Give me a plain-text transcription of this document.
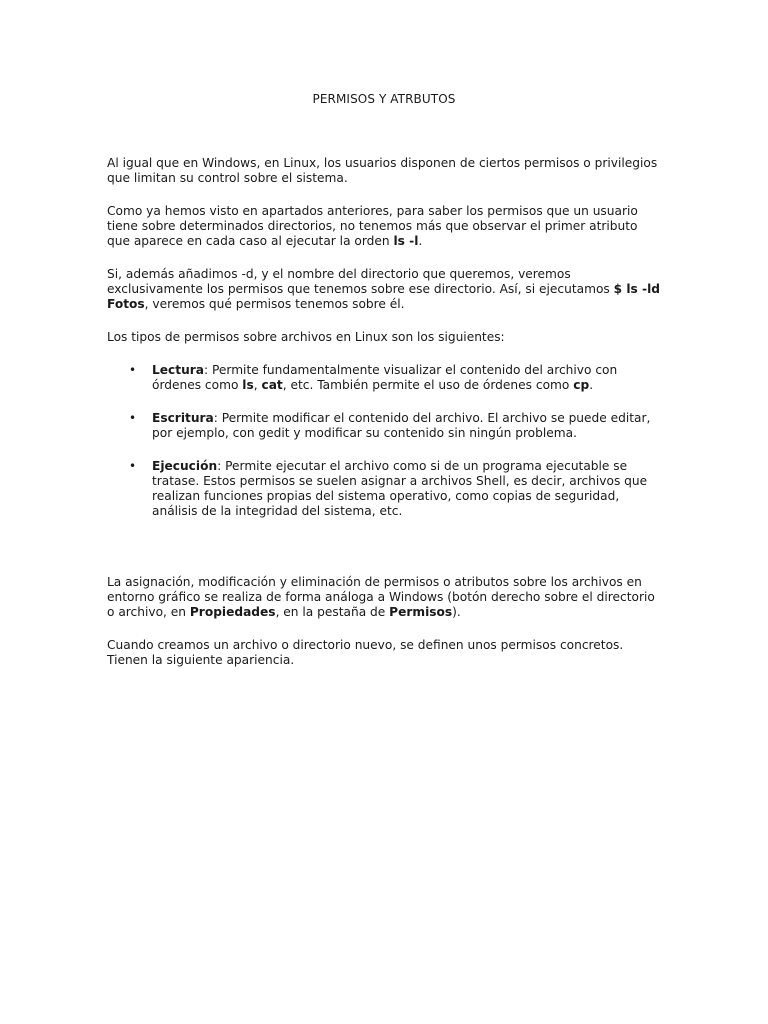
PERMISOS Y ATRBUTOS

Al igual que en Windows, en Linux, los usuarios disponen de ciertos permisos o privilegios que limitan su control sobre el sistema.

Como ya hemos visto en apartados anteriores, para saber los permisos que un usuario tiene sobre determinados directorios, no tenemos más que observar el primer atributo que aparece en cada caso al ejecutar la orden ls -l.

Si, además añadimos -d, y el nombre del directorio que queremos, veremos exclusivamente los permisos que tenemos sobre ese directorio. Así, si ejecutamos $ ls -ld Fotos, veremos qué permisos tenemos sobre él.

Los tipos de permisos sobre archivos en Linux son los siguientes:

• Lectura: Permite fundamentalmente visualizar el contenido del archivo con órdenes como ls, cat, etc. También permite el uso de órdenes como cp.
• Escritura: Permite modificar el contenido del archivo. El archivo se puede editar, por ejemplo, con gedit y modificar su contenido sin ningún problema.
• Ejecución: Permite ejecutar el archivo como si de un programa ejecutable se tratase. Estos permisos se suelen asignar a archivos Shell, es decir, archivos que realizan funciones propias del sistema operativo, como copias de seguridad, análisis de la integridad del sistema, etc.

La asignación, modificación y eliminación de permisos o atributos sobre los archivos en entorno gráfico se realiza de forma análoga a Windows (botón derecho sobre el directorio o archivo, en Propiedades, en la pestaña de Permisos).

Cuando creamos un archivo o directorio nuevo, se definen unos permisos concretos. Tienen la siguiente apariencia.
